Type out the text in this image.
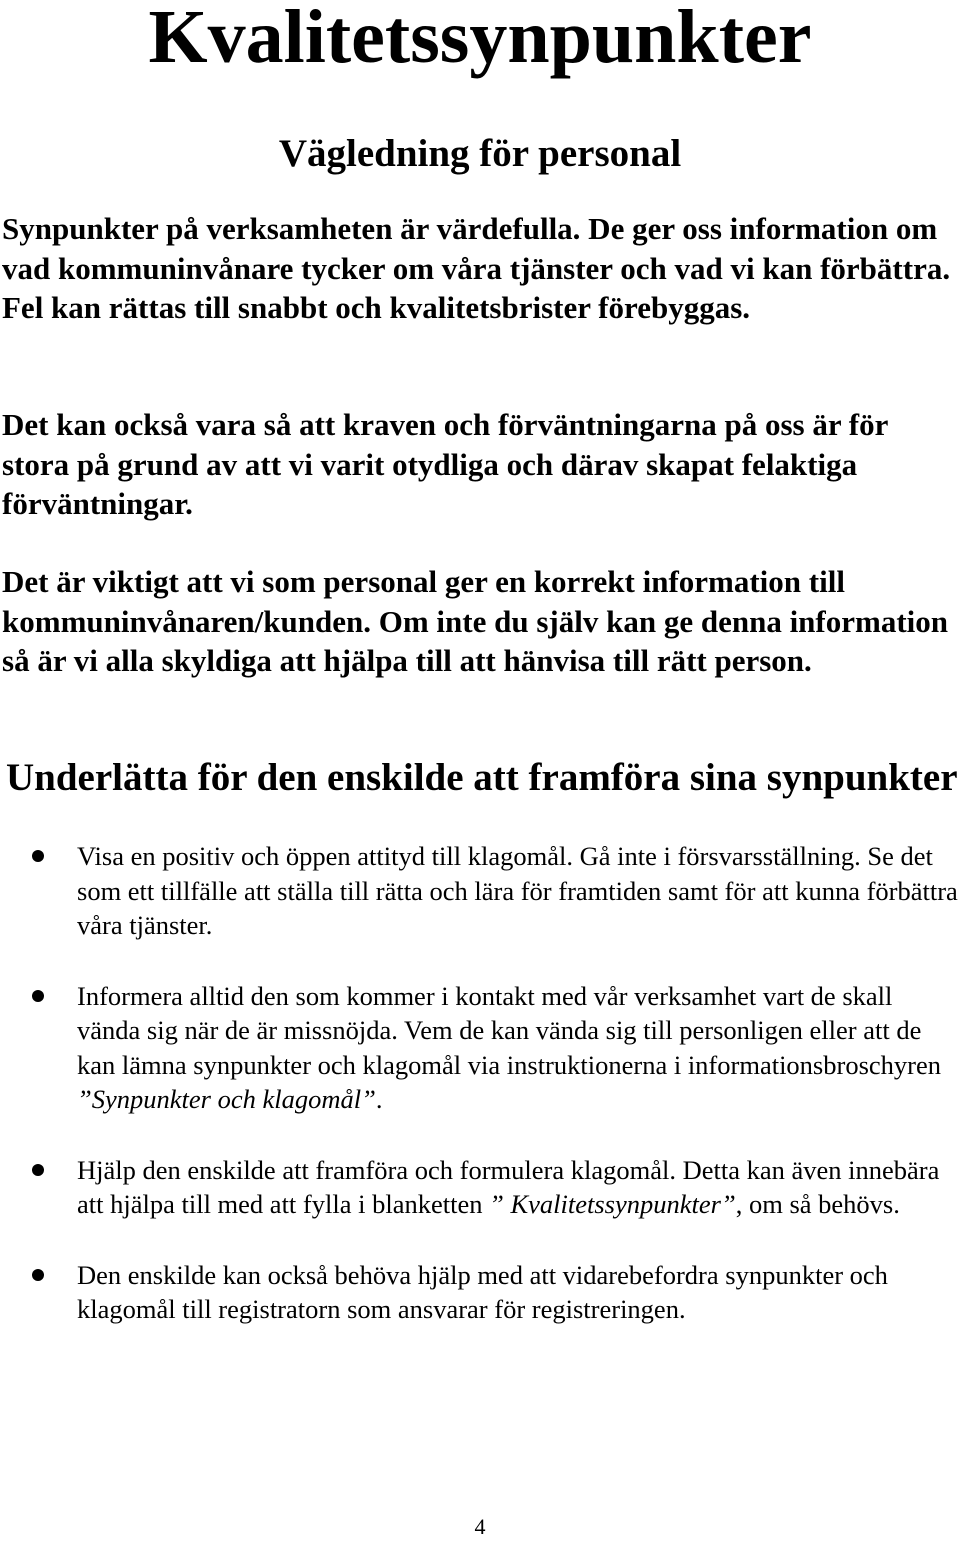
Kvalitetssynpunkter
Vägledning för personal

Synpunkter på verksamheten är värdefulla. De ger oss information om vad kommuninvånare tycker om våra tjänster och vad vi kan förbättra. Fel kan rättas till snabbt och kvalitetsbrister förebyggas.

Det kan också vara så att kraven och förväntningarna på oss är för stora på grund av att vi varit otydliga och därav skapat felaktiga förväntningar.

Det är viktigt att vi som personal ger en korrekt information till kommuninvånaren/kunden. Om inte du själv kan ge denna information så är vi alla skyldiga att hjälpa till att hänvisa till rätt person.

Underlätta för den enskilde att framföra sina synpunkter
Visa en positiv och öppen attityd till klagomål. Gå inte i försvarsställning. Se det som ett tillfälle att ställa till rätta och lära för framtiden samt för att kunna förbättra våra tjänster.
Informera alltid den som kommer i kontakt med vår verksamhet vart de skall vända sig när de är missnöjda. Vem de kan vända sig till personligen eller att de kan lämna synpunkter och klagomål via instruktionerna i informationsbroschyren ”Synpunkter och klagomål”.
Hjälp den enskilde att framföra och formulera klagomål. Detta kan även innebära att hjälpa till med att fylla i blanketten ” Kvalitetssynpunkter”, om så behövs.
Den enskilde kan också behöva hjälp med att vidarebefordra synpunkter och klagomål till registratorn som ansvarar för registreringen.
4
